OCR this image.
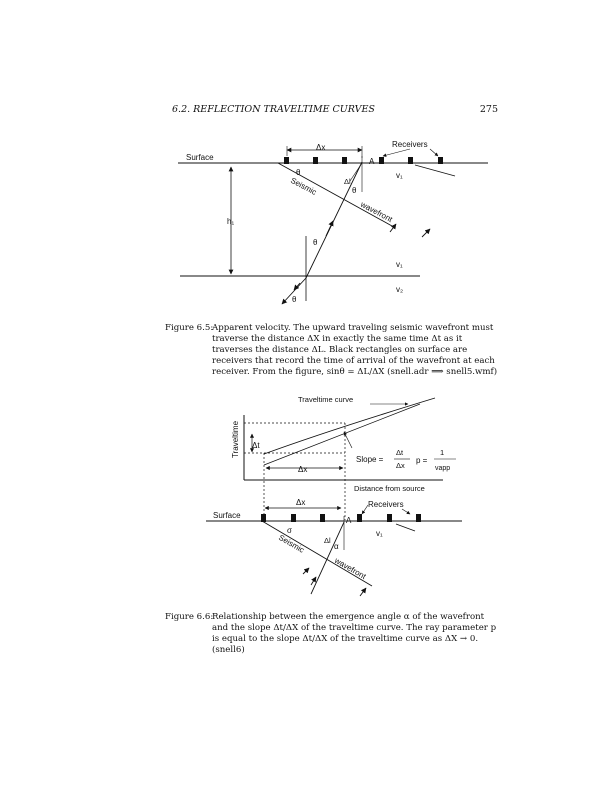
6.2. REFLECTION TRAVELTIME CURVES	275
Δx	Receivers
Surface	A
Δl
θ
θ
θ
θ
Seismic
wavefront
h₁
v₁
v₁
v₂
Figure 6.5:
Apparent velocity. The upward traveling seismic wavefront must traverse the distance ΔX in exactly the same time Δt as it traverses the distance ΔL. Black rectangles on surface are receivers that record the time of arrival of the wavefront at each receiver. From the figure, sinθ = ΔL/ΔX (snell.adr ⟹ snell5.wmf)
Traveltime
Distance from source
Traveltime curve
Δt
Δx
Slope =
Δt
Δx
p =
1
vapp
Surface
Δx	Receivers
A
σ
Δl
α
v₁
Seismic
wavefront
Figure 6.6:
Relationship between the emergence angle α of the wavefront and the slope Δt/ΔX of the traveltime curve. The ray parameter p is equal to the slope Δt/ΔX of the traveltime curve as ΔX → 0. (snell6)
